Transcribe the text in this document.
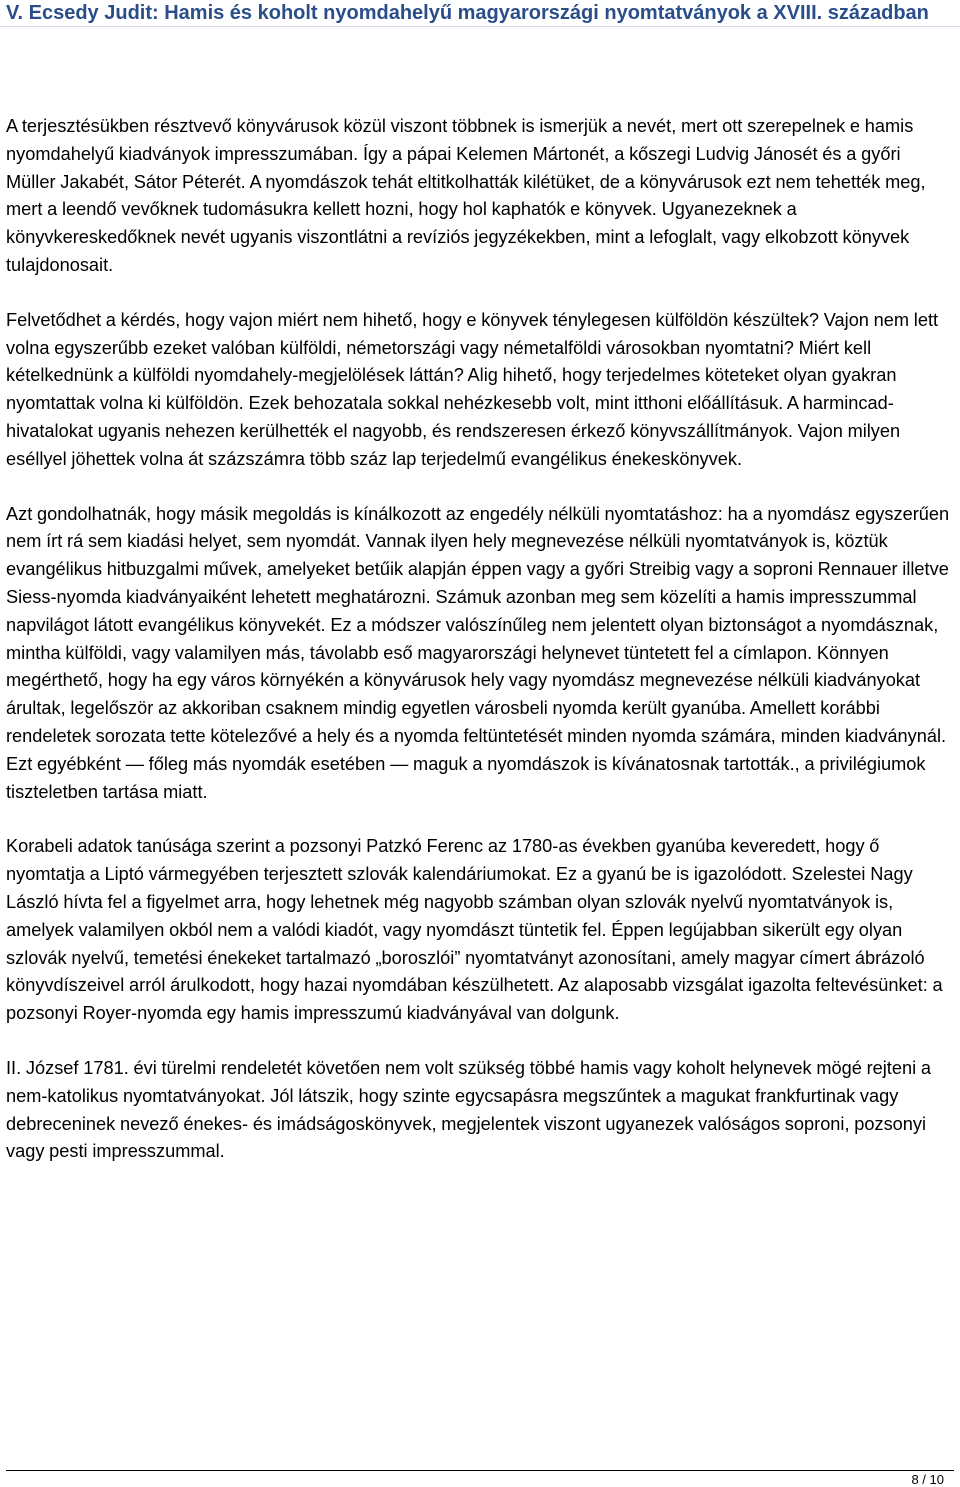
V. Ecsedy Judit: Hamis és koholt nyomdahelyű magyarországi nyomtatványok a XVIII. században

A terjesztésükben résztvevő könyvárusok közül viszont többnek is ismerjük a nevét, mert ott szerepelnek e hamis nyomdahelyű kiadványok impresszumában. Így a pápai Kelemen Mártonét, a kőszegi Ludvig Jánosét és a győri Müller Jakabét, Sátor Péterét. A nyomdászok tehát eltitkolhatták kilétüket, de a könyvárusok ezt nem tehették meg, mert a leendő vevőknek tudomásukra kellett hozni, hogy hol kaphatók e könyvek. Ugyanezeknek a könyvkereskedőknek nevét ugyanis viszontlátni a revíziós jegyzékekben, mint a lefoglalt, vagy elkobzott könyvek tulajdonosait.

Felvetődhet a kérdés, hogy vajon miért nem hihető, hogy e könyvek ténylegesen külföldön készültek? Vajon nem lett volna egyszerűbb ezeket valóban külföldi, németországi vagy németalföldi városokban nyomtatni? Miért kell kételkednünk a külföldi nyomdahely-megjelölések láttán? Alig hihető, hogy terjedelmes köteteket olyan gyakran nyomtattak volna ki külföldön. Ezek behozatala sokkal nehézkesebb volt, mint itthoni előállításuk. A harmincad-hivatalokat ugyanis nehezen kerülhették el nagyobb, és rendszeresen érkező könyvszállítmányok. Vajon milyen eséllyel jöhettek volna át százszámra több száz lap terjedelmű evangélikus énekeskönyvek.

Azt gondolhatnák, hogy másik megoldás is kínálkozott az engedély nélküli nyomtatáshoz: ha a nyomdász egyszerűen nem írt rá sem kiadási helyet, sem nyomdát. Vannak ilyen hely megnevezése nélküli nyomtatványok is, köztük evangélikus hitbuzgalmi művek, amelyeket betűik alapján éppen vagy a győri Streibig vagy a soproni Rennauer illetve Siess-nyomda kiadványaiként lehetett meghatározni. Számuk azonban meg sem közelíti a hamis impresszummal napvilágot látott evangélikus könyvekét. Ez a módszer valószínűleg nem jelentett olyan biztonságot a nyomdásznak, mintha külföldi, vagy valamilyen más, távolabb eső magyarországi helynevet tüntetett fel a címlapon. Könnyen megérthető, hogy ha egy város környékén a könyvárusok hely vagy nyomdász megnevezése nélküli kiadványokat árultak, legelőször az akkoriban csaknem mindig egyetlen városbeli nyomda került gyanúba. Amellett korábbi rendeletek sorozata tette kötelezővé a hely és a nyomda feltüntetését minden nyomda számára, minden kiadványnál. Ezt egyébként — főleg más nyomdák esetében — maguk a nyomdászok is kívánatosnak tartották., a privilégiumok tiszteletben tartása miatt.

Korabeli adatok tanúsága szerint a pozsonyi Patzkó Ferenc az 1780-as években gyanúba keveredett, hogy ő nyomtatja a Liptó vármegyében terjesztett szlovák kalendáriumokat. Ez a gyanú be is igazolódott. Szelestei Nagy László hívta fel a figyelmet arra, hogy lehetnek még nagyobb számban olyan szlovák nyelvű nyomtatványok is, amelyek valamilyen okból nem a valódi kiadót, vagy nyomdászt tüntetik fel. Éppen legújabban sikerült egy olyan szlovák nyelvű, temetési énekeket tartalmazó „boroszlói” nyomtatványt azonosítani, amely magyar címert ábrázoló könyvdíszeivel arról árulkodott, hogy hazai nyomdában készülhetett. Az alaposabb vizsgálat igazolta feltevésünket: a pozsonyi Royer-nyomda egy hamis impresszumú kiadványával van dolgunk.

II. József 1781. évi türelmi rendeletét követően nem volt szükség többé hamis vagy koholt helynevek mögé rejteni a nem-katolikus nyomtatványokat. Jól látszik, hogy szinte egycsapásra megszűntek a magukat frankfurtinak vagy debreceninek nevező énekes- és imádságoskönyvek, megjelentek viszont ugyanezek valóságos soproni, pozsonyi vagy pesti impresszummal.

8 / 10
